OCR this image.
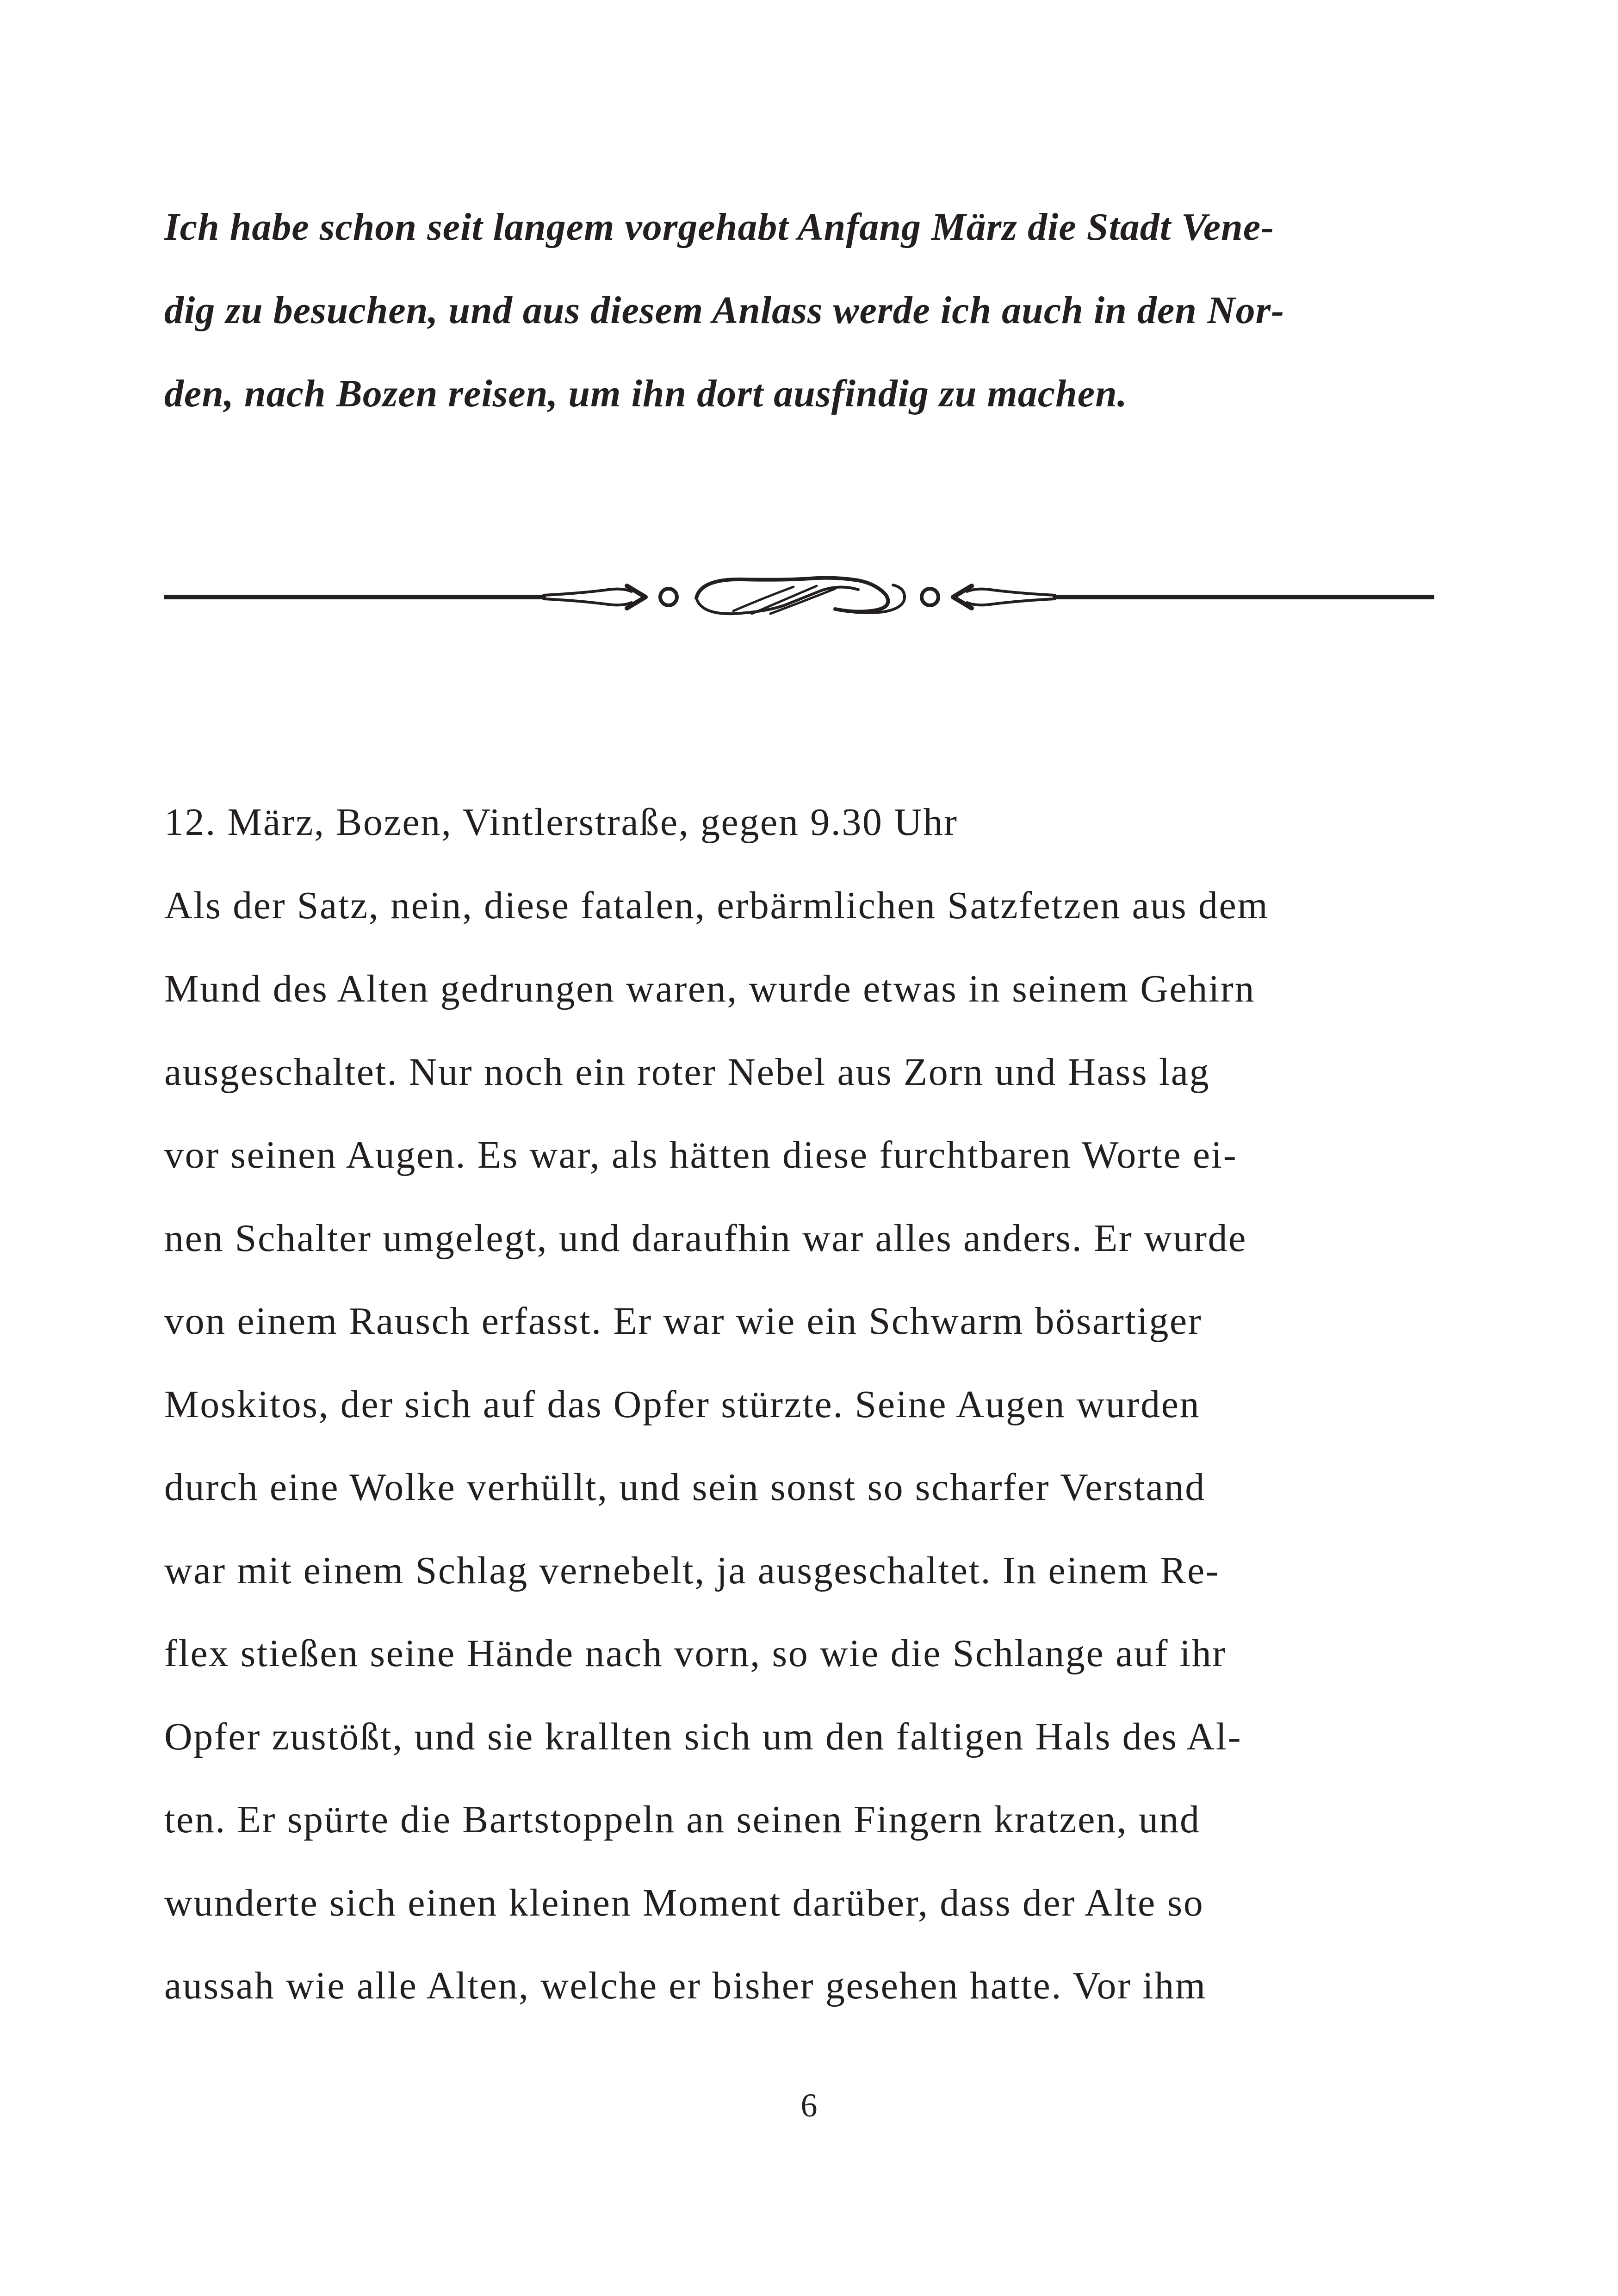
Ich habe schon seit langem vorgehabt Anfang März die Stadt Vene-
dig zu besuchen, und aus diesem Anlass werde ich auch in den Nor-
den, nach Bozen reisen, um ihn dort ausfindig zu machen.
12. März, Bozen, Vintlerstraße, gegen 9.30 Uhr
Als der Satz, nein, diese fatalen, erbärmlichen Satzfetzen aus dem
Mund des Alten gedrungen waren, wurde etwas in seinem Gehirn
ausgeschaltet. Nur noch ein roter Nebel aus Zorn und Hass lag
vor seinen Augen. Es war, als hätten diese furchtbaren Worte ei-
nen Schalter umgelegt, und daraufhin war alles anders. Er wurde
von einem Rausch erfasst. Er war wie ein Schwarm bösartiger
Moskitos, der sich auf das Opfer stürzte. Seine Augen wurden
durch eine Wolke verhüllt, und sein sonst so scharfer Verstand
war mit einem Schlag vernebelt, ja ausgeschaltet. In einem Re-
flex stießen seine Hände nach vorn, so wie die Schlange auf ihr
Opfer zustößt, und sie krallten sich um den faltigen Hals des Al-
ten. Er spürte die Bartstoppeln an seinen Fingern kratzen, und
wunderte sich einen kleinen Moment darüber, dass der Alte so
aussah wie alle Alten, welche er bisher gesehen hatte. Vor ihm
6
